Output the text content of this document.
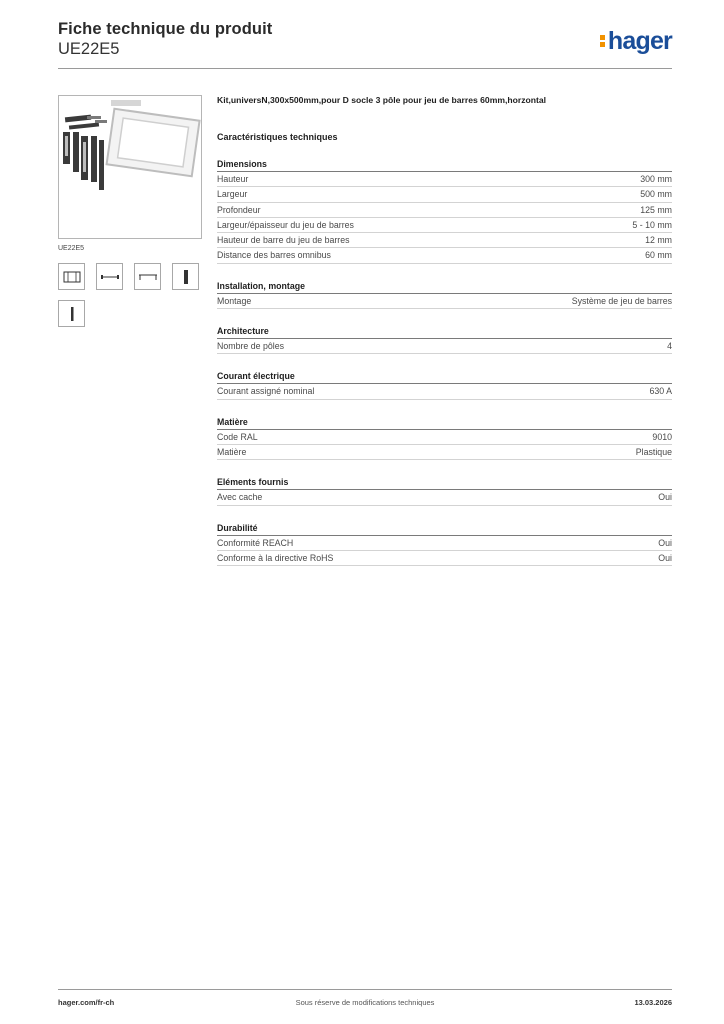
Fiche technique du produit
UE22E5	hager
UE22E5
Kit,universN,300x500mm,pour D socle 3 pôle pour jeu de barres 60mm,horzontal
Caractéristiques techniques
Dimensions
Hauteur	300 mm
Largeur	500 mm
Profondeur	125 mm
Largeur/épaisseur du jeu de barres	5 - 10 mm
Hauteur de barre du jeu de barres	12 mm
Distance des barres omnibus	60 mm
Installation, montage
Montage	Système de jeu de barres
Architecture
Nombre de pôles	4
Courant électrique
Courant assigné nominal	630 A
Matière
Code RAL	9010
Matière	Plastique
Eléments fournis
Avec cache	Oui
Durabilité
Conformité REACH	Oui
Conforme à la directive RoHS	Oui
hager.com/fr-ch	Sous réserve de modifications techniques	13.03.2026
